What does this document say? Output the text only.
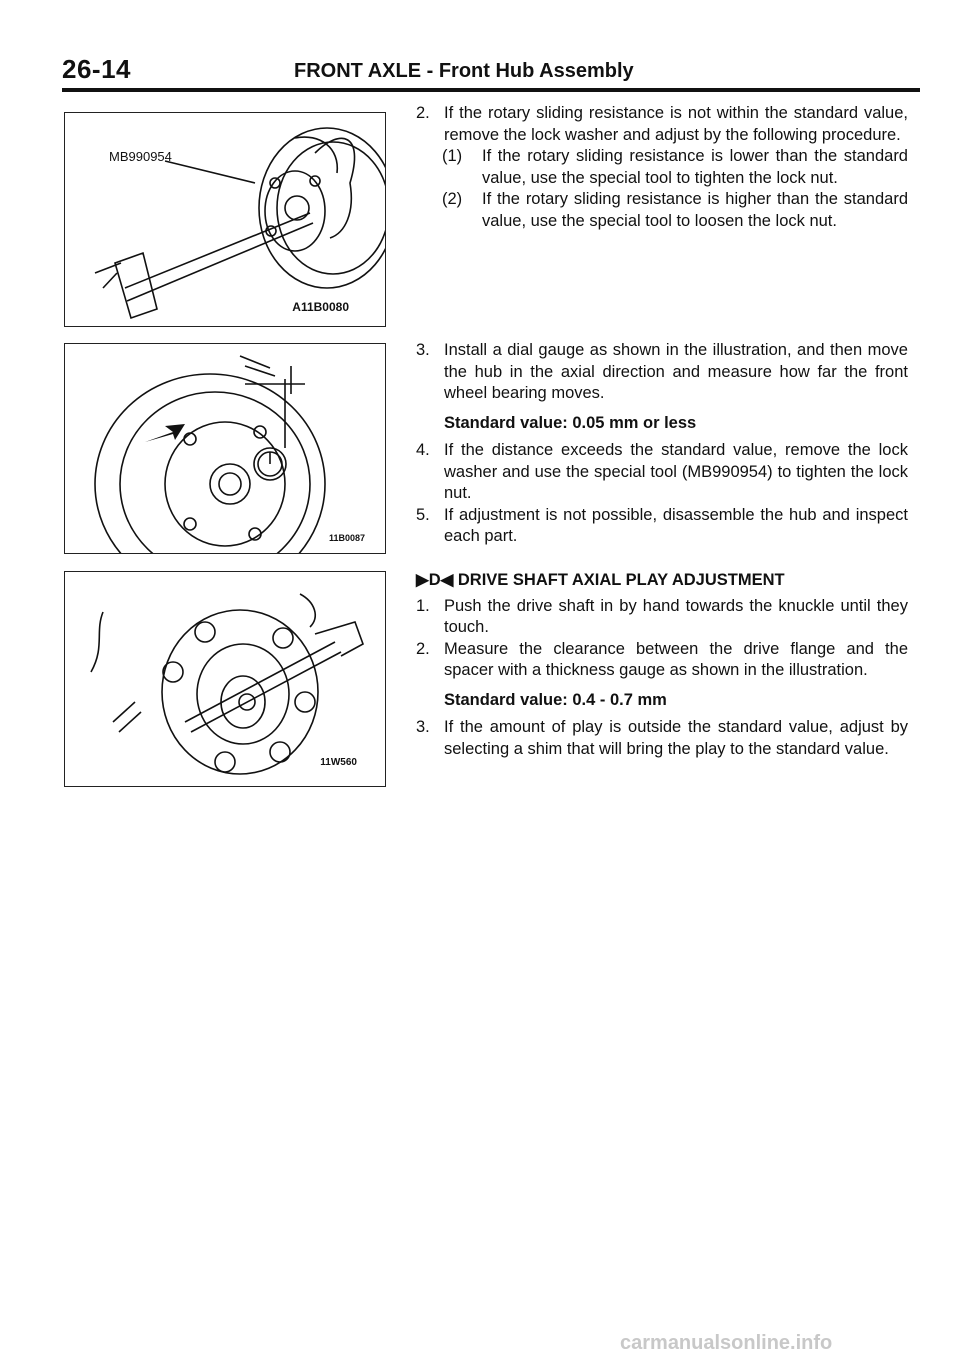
26-14	FRONT AXLE - Front Hub Assembly
MB990954
A11B0080
11B0087
11W560

2. If the rotary sliding resistance is not within the standard value, remove the lock washer and adjust by the following procedure.

(1) If the rotary sliding resistance is lower than the standard value, use the special tool to tighten the lock nut.

(2) If the rotary sliding resistance is higher than the standard value, use the special tool to loosen the lock nut.

3. Install a dial gauge as shown in the illustration, and then move the hub in the axial direction and measure how far the front wheel bearing moves.

Standard value: 0.05 mm or less

4. If the distance exceeds the standard value, remove the lock washer and use the special tool (MB990954) to tighten the lock nut.

5. If adjustment is not possible, disassemble the hub and inspect each part.

▶D◀ DRIVE SHAFT AXIAL PLAY ADJUSTMENT

1. Push the drive shaft in by hand towards the knuckle until they touch.

2. Measure the clearance between the drive flange and the spacer with a thickness gauge as shown in the illustration.

Standard value: 0.4 - 0.7 mm

3. If the amount of play is outside the standard value, adjust by selecting a shim that will bring the play to the standard value.

carmanualsonline.info
